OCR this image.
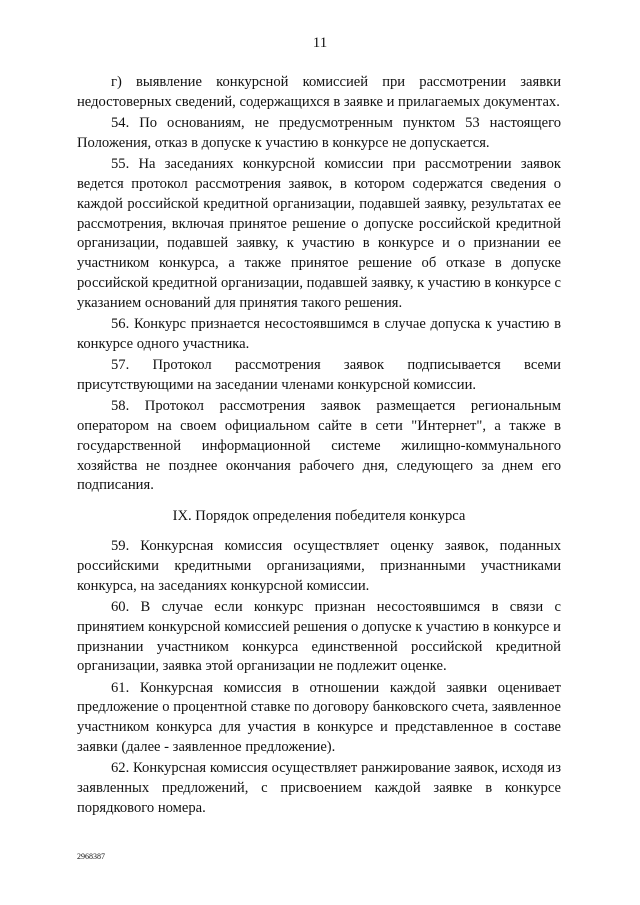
11

г) выявление конкурсной комиссией при рассмотрении заявки недостоверных сведений, содержащихся в заявке и прилагаемых документах.

54. По основаниям, не предусмотренным пунктом 53 настоящего Положения, отказ в допуске к участию в конкурсе не допускается.

55. На заседаниях конкурсной комиссии при рассмотрении заявок ведется протокол рассмотрения заявок, в котором содержатся сведения о каждой российской кредитной организации, подавшей заявку, результатах ее рассмотрения, включая принятое решение о допуске российской кредитной организации, подавшей заявку, к участию в конкурсе и о признании ее участником конкурса, а также принятое решение об отказе в допуске российской кредитной организации, подавшей заявку, к участию в конкурсе с указанием оснований для принятия такого решения.

56. Конкурс признается несостоявшимся в случае допуска к участию в конкурсе одного участника.

57. Протокол рассмотрения заявок подписывается всеми присутствующими на заседании членами конкурсной комиссии.

58. Протокол рассмотрения заявок размещается региональным оператором на своем официальном сайте в сети "Интернет", а также в государственной информационной системе жилищно-коммунального хозяйства не позднее окончания рабочего дня, следующего за днем его подписания.

IX. Порядок определения победителя конкурса

59. Конкурсная комиссия осуществляет оценку заявок, поданных российскими кредитными организациями, признанными участниками конкурса, на заседаниях конкурсной комиссии.

60. В случае если конкурс признан несостоявшимся в связи с принятием конкурсной комиссией решения о допуске к участию в конкурсе и признании участником конкурса единственной российской кредитной организации, заявка этой организации не подлежит оценке.

61. Конкурсная комиссия в отношении каждой заявки оценивает предложение о процентной ставке по договору банковского счета, заявленное участником конкурса для участия в конкурсе и представленное в составе заявки (далее - заявленное предложение).

62. Конкурсная комиссия осуществляет ранжирование заявок, исходя из заявленных предложений, с присвоением каждой заявке в конкурсе порядкового номера.

2968387
